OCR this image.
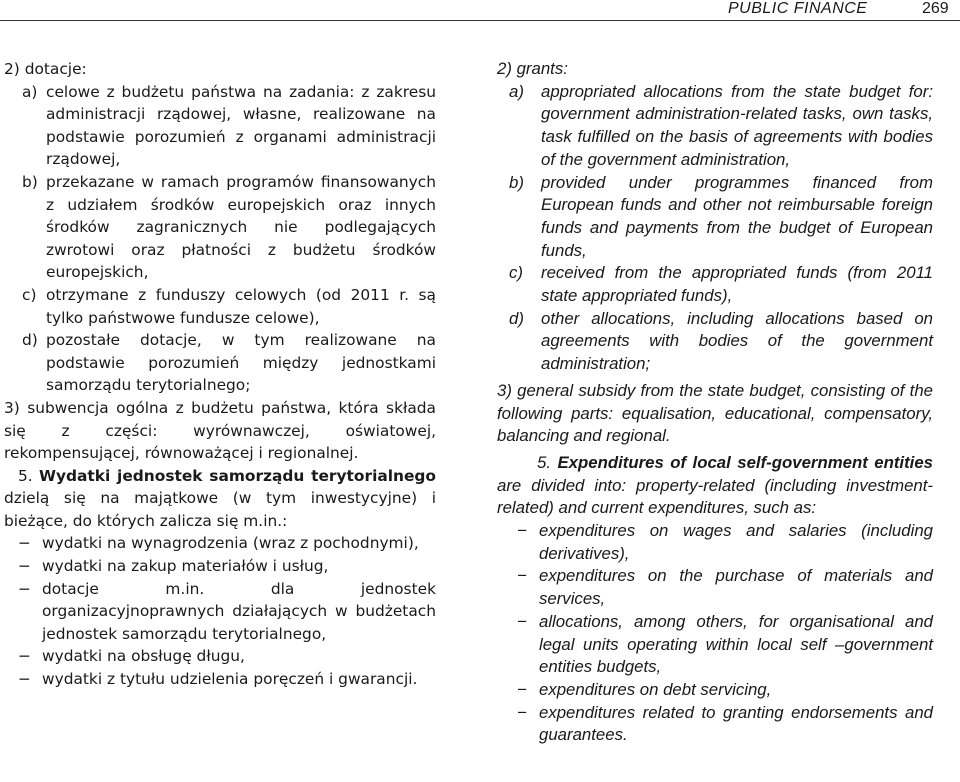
PUBLIC FINANCE	269

2) dotacje:

a) celowe z budżetu państwa na zadania: z zakresu administracji rządowej, własne, realizowane na podstawie porozumień z organami administracji rządowej,
b) przekazane w ramach programów finansowanych z udziałem środków europejskich oraz innych środków zagranicznych nie podlegających zwrotowi oraz płatności z budżetu środków europejskich,
c) otrzymane z funduszy celowych (od 2011 r. są tylko państwowe fundusze celowe),
d) pozostałe dotacje, w tym realizowane na podstawie porozumień między jednostkami samorządu terytorialnego;

3) subwencja ogólna z budżetu państwa, która składa się z części: wyrównawczej, oświatowej, rekompensującej, równoważącej i regionalnej.

5. Wydatki jednostek samorządu terytorialnego dzielą się na majątkowe (w tym inwestycyjne) i bieżące, do których zalicza się m.in.:

− wydatki na wynagrodzenia (wraz z pochodnymi),
− wydatki na zakup materiałów i usług,
− dotacje m.in. dla jednostek organizacyjnoprawnych działających w budżetach jednostek samorządu terytorialnego,
− wydatki na obsługę długu,
− wydatki z tytułu udzielenia poręczeń i gwarancji.

2) grants:

a)	appropriated allocations from the state budget for: government administration-related tasks, own tasks, task fulfilled on the basis of agreements with bodies of the government administration,
b)	provided under programmes financed from European funds and other not reimbursable foreign funds and payments from the budget of European funds,
c)	received from the appropriated funds (from 2011 state appropriated funds),
d)	other allocations, including allocations based on agreements with bodies of the government administration;

3) general subsidy from the state budget, consisting of the following parts: equalisation, educational, compensatory, balancing and regional.

5. Expenditures of local self-government entities are divided into: property-related (including investment-related) and current expenditures, such as:

− expenditures on wages and salaries (including derivatives),
− expenditures on the purchase of materials and services,
− allocations, among others, for organisational and legal units operating within local self –government entities budgets,
− expenditures on debt servicing,
− expenditures related to granting endorsements and guarantees.
